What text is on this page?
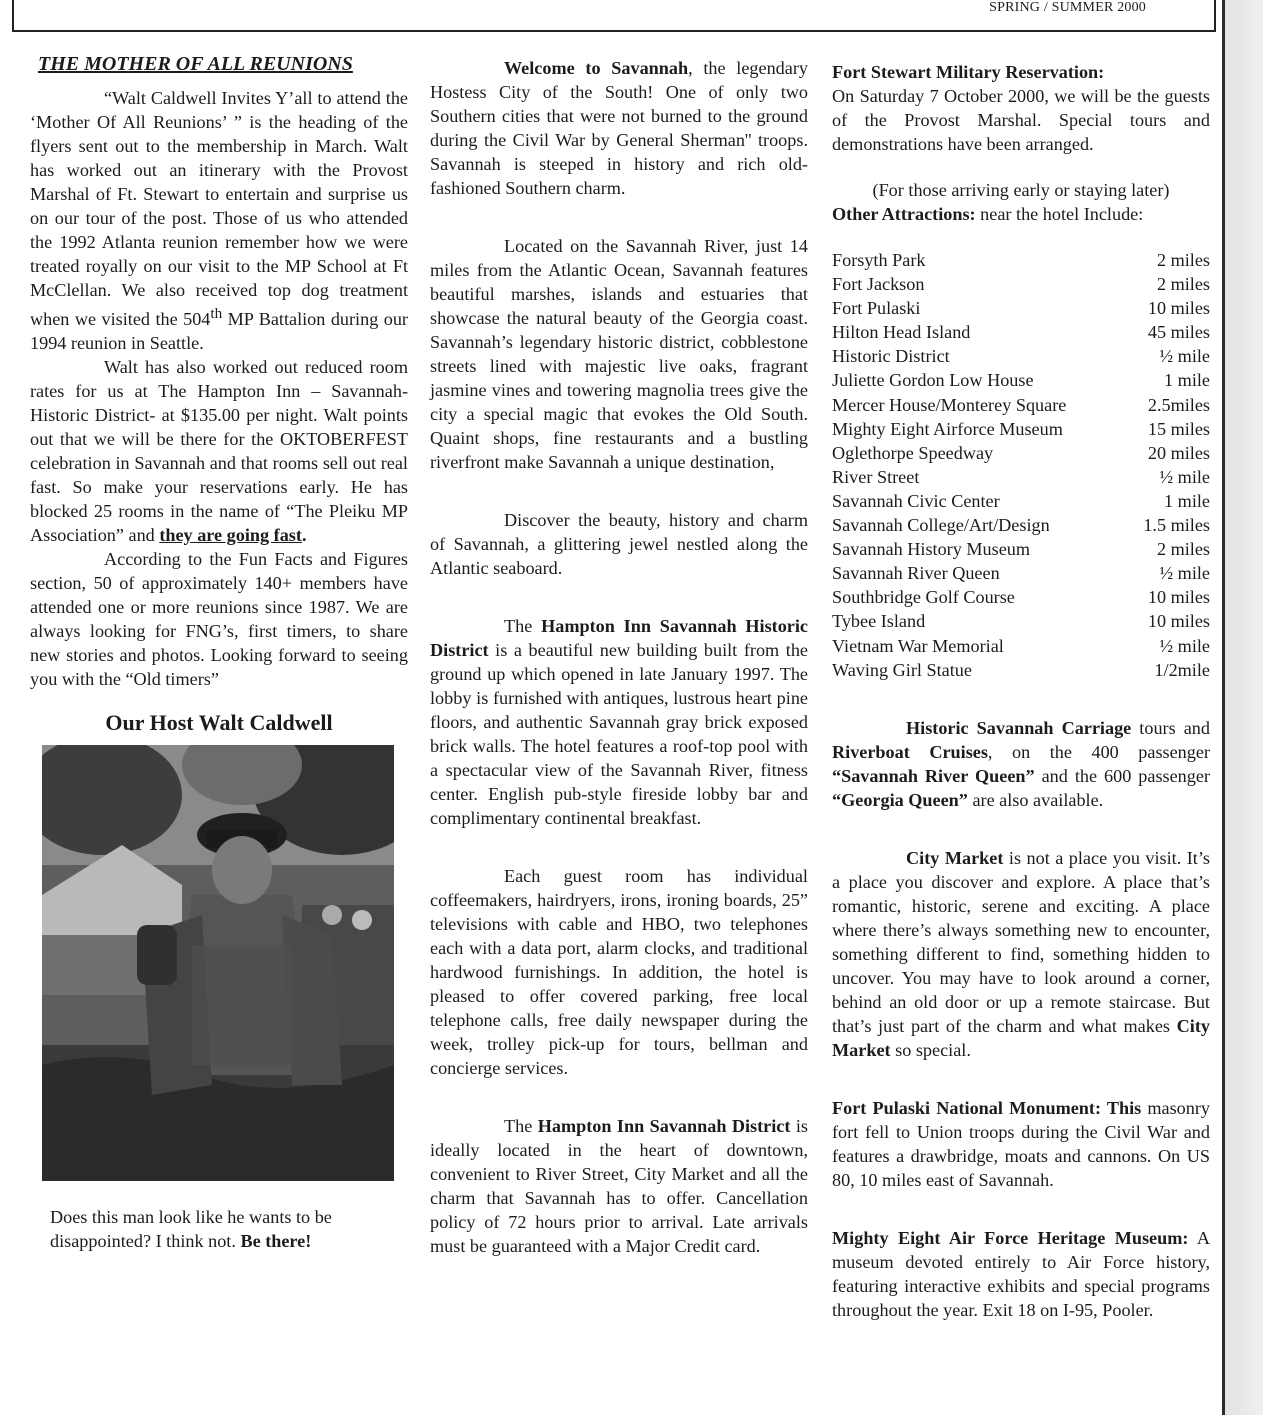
SPRING / SUMMER 2000

THE MOTHER OF ALL REUNIONS

“Walt Caldwell Invites Y’all to attend the ‘Mother Of All Reunions’ ” is the heading of the flyers sent out to the membership in March. Walt has worked out an itinerary with the Provost Marshal of Ft. Stewart to entertain and surprise us on our tour of the post. Those of us who attended the 1992 Atlanta reunion remember how we were treated royally on our visit to the MP School at Ft McClellan. We also received top dog treatment when we visited the 504th MP Battalion during our 1994 reunion in Seattle.

Walt has also worked out reduced room rates for us at The Hampton Inn – Savannah- Historic District- at $135.00 per night. Walt points out that we will be there for the OKTOBERFEST celebration in Savannah and that rooms sell out real fast. So make your reservations early. He has blocked 25 rooms in the name of “The Pleiku MP Association” and they are going fast.

According to the Fun Facts and Figures section, 50 of approximately 140+ members have attended one or more reunions since 1987. We are always looking for FNG’s, first timers, to share new stories and photos. Looking forward to seeing you with the “Old timers”

Our Host Walt Caldwell

Does this man look like he wants to be disappointed? I think not. Be there!

Welcome to Savannah, the legendary Hostess City of the South! One of only two Southern cities that were not burned to the ground during the Civil War by General Sherman'' troops. Savannah is steeped in history and rich old-fashioned Southern charm.

Located on the Savannah River, just 14 miles from the Atlantic Ocean, Savannah features beautiful marshes, islands and estuaries that showcase the natural beauty of the Georgia coast. Savannah’s legendary historic district, cobblestone streets lined with majestic live oaks, fragrant jasmine vines and towering magnolia trees give the city a special magic that evokes the Old South. Quaint shops, fine restaurants and a bustling riverfront make Savannah a unique destination,

Discover the beauty, history and charm of Savannah, a glittering jewel nestled along the Atlantic seaboard.

The Hampton Inn Savannah Historic District is a beautiful new building built from the ground up which opened in late January 1997. The lobby is furnished with antiques, lustrous heart pine floors, and authentic Savannah gray brick exposed brick walls. The hotel features a roof-top pool with a spectacular view of the Savannah River, fitness center. English pub-style fireside lobby bar and complimentary continental breakfast.

Each guest room has individual coffeemakers, hairdryers, irons, ironing boards, 25” televisions with cable and HBO, two telephones each with a data port, alarm clocks, and traditional hardwood furnishings. In addition, the hotel is pleased to offer covered parking, free local telephone calls, free daily newspaper during the week, trolley pick-up for tours, bellman and concierge services.

The Hampton Inn Savannah District is ideally located in the heart of downtown, convenient to River Street, City Market and all the charm that Savannah has to offer. Cancellation policy of 72 hours prior to arrival. Late arrivals must be guaranteed with a Major Credit card.

Fort Stewart Military Reservation:
On Saturday 7 October 2000, we will be the guests of the Provost Marshal. Special tours and demonstrations have been arranged.

(For those arriving early or staying later)

Other Attractions: near the hotel Include:

Forsyth Park	2 miles
Fort Jackson	2 miles
Fort Pulaski	10 miles
Hilton Head Island	45 miles
Historic District	½ mile
Juliette Gordon Low House	1 mile
Mercer House/Monterey Square	2.5miles
Mighty Eight Airforce Museum	15 miles
Oglethorpe Speedway	20 miles
River Street	½ mile
Savannah Civic Center	1 mile
Savannah College/Art/Design	1.5 miles
Savannah History Museum	2 miles
Savannah River Queen	½ mile
Southbridge Golf Course	10 miles
Tybee Island	10 miles
Vietnam War Memorial	½ mile
Waving Girl Statue	1/2mile

Historic Savannah Carriage tours and Riverboat Cruises, on the 400 passenger “Savannah River Queen” and the 600 passenger “Georgia Queen” are also available.

City Market is not a place you visit. It’s a place you discover and explore. A place that’s romantic, historic, serene and exciting. A place where there’s always something new to encounter, something different to find, something hidden to uncover. You may have to look around a corner, behind an old door or up a remote staircase. But that’s just part of the charm and what makes City Market so special.

Fort Pulaski National Monument: This masonry fort fell to Union troops during the Civil War and features a drawbridge, moats and cannons. On US 80, 10 miles east of Savannah.

Mighty Eight Air Force Heritage Museum: A museum devoted entirely to Air Force history, featuring interactive exhibits and special programs throughout the year. Exit 18 on I-95, Pooler.
